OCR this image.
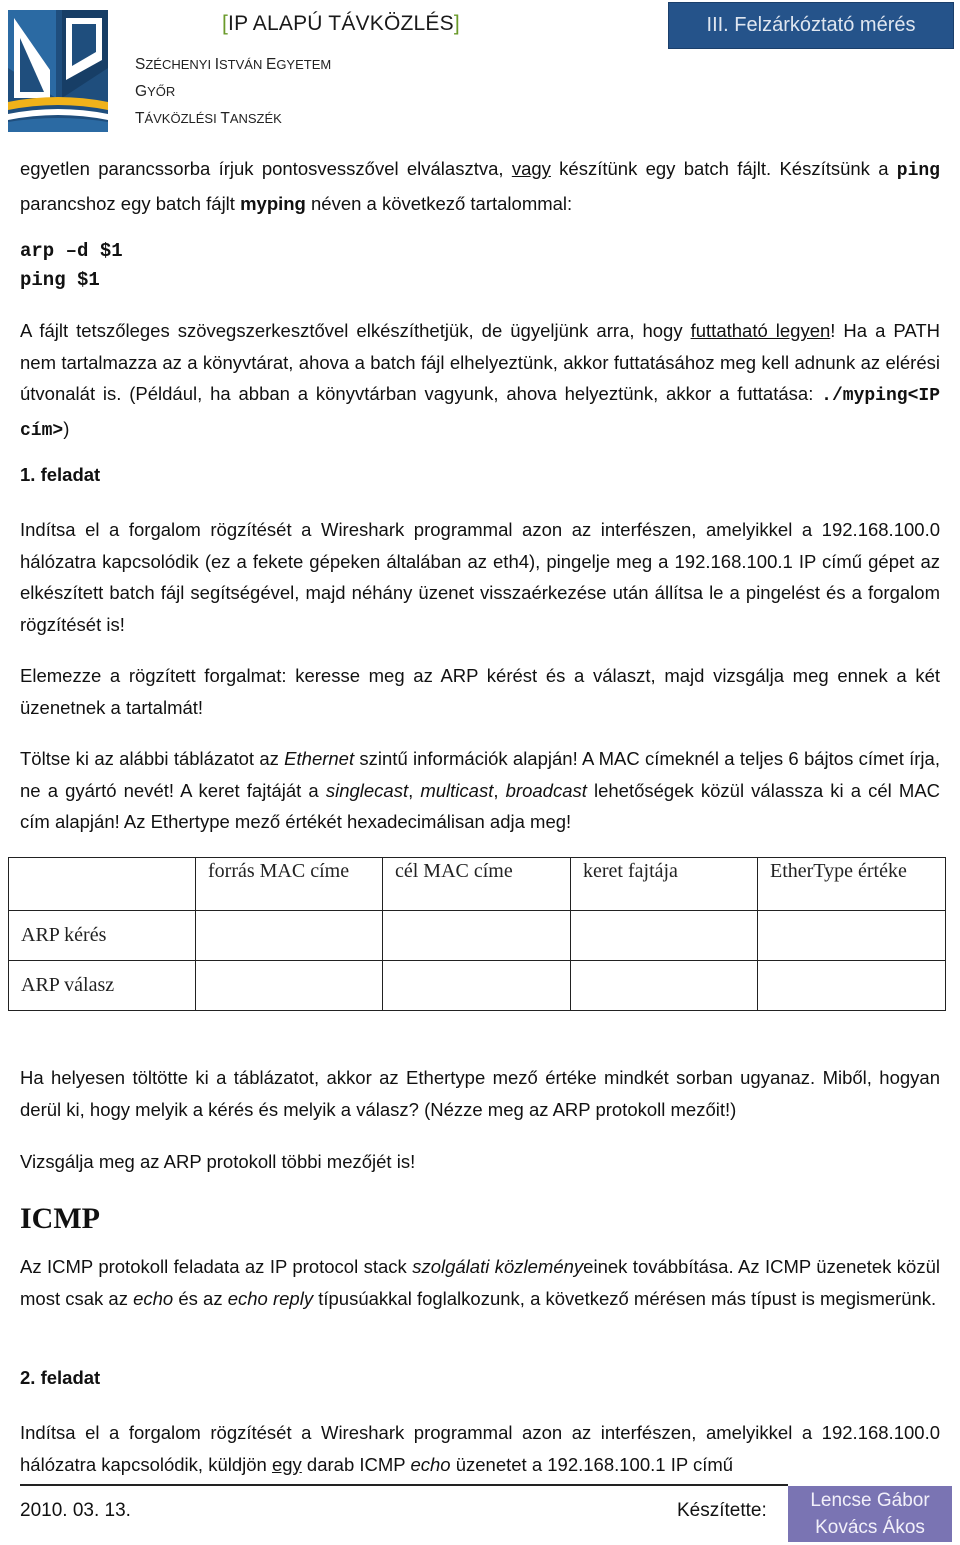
[IP ALAPÚ TÁVKÖZLÉS]
SZÉCHENYI ISTVÁN EGYETEM
GYŐR
TÁVKÖZLÉSI TANSZÉK
III. Felzárkóztató mérés
egyetlen parancssorba írjuk pontosvesszővel elválasztva, vagy készítünk egy batch fájlt. Készítsünk a ping parancshoz egy batch fájlt myping néven a következő tartalommal:
arp –d $1
ping $1
A fájlt tetszőleges szövegszerkesztővel elkészíthetjük, de ügyeljünk arra, hogy futtatható legyen! Ha a PATH nem tartalmazza az a könyvtárat, ahova a batch fájl elhelyeztünk, akkor futtatásához meg kell adnunk az elérési útvonalát is. (Például, ha abban a könyvtárban vagyunk, ahova helyeztünk, akkor a futtatása: ./myping<IP cím>)
1. feladat
Indítsa el a forgalom rögzítését a Wireshark programmal azon az interfészen, amelyikkel a 192.168.100.0 hálózatra kapcsolódik (ez a fekete gépeken általában az eth4), pingelje meg a 192.168.100.1 IP című gépet az elkészített batch fájl segítségével, majd néhány üzenet visszaérkezése után állítsa le a pingelést és a forgalom rögzítését is!
Elemezze a rögzített forgalmat: keresse meg az ARP kérést és a választ, majd vizsgálja meg ennek a két üzenetnek a tartalmát!
Töltse ki az alábbi táblázatot az Ethernet szintű információk alapján! A MAC címeknél a teljes 6 bájtos címet írja, ne a gyártó nevét! A keret fajtáját a singlecast, multicast, broadcast lehetőségek közül válassza ki a cél MAC cím alapján! Az Ethertype mező értékét hexadecimálisan adja meg!
	forrás MAC címe	cél MAC címe	keret fajtája	EtherType értéke
ARP kérés				
ARP válasz				
Ha helyesen töltötte ki a táblázatot, akkor az Ethertype mező értéke mindkét sorban ugyanaz. Miből, hogyan derül ki, hogy melyik a kérés és melyik a válasz? (Nézze meg az ARP protokoll mezőit!)
Vizsgálja meg az ARP protokoll többi mezőjét is!
ICMP
Az ICMP protokoll feladata az IP protocol stack szolgálati közleményeinek továbbítása. Az ICMP üzenetek közül most csak az echo és az echo reply típusúakkal foglalkozunk, a következő mérésen más típust is megismerünk.
2. feladat
Indítsa el a forgalom rögzítését a Wireshark programmal azon az interfészen, amelyikkel a 192.168.100.0 hálózatra kapcsolódik, küldjön egy darab ICMP echo üzenetet a 192.168.100.1 IP című
2010. 03. 13.	Készítette:	Lencse Gábor
Kovács Ákos
